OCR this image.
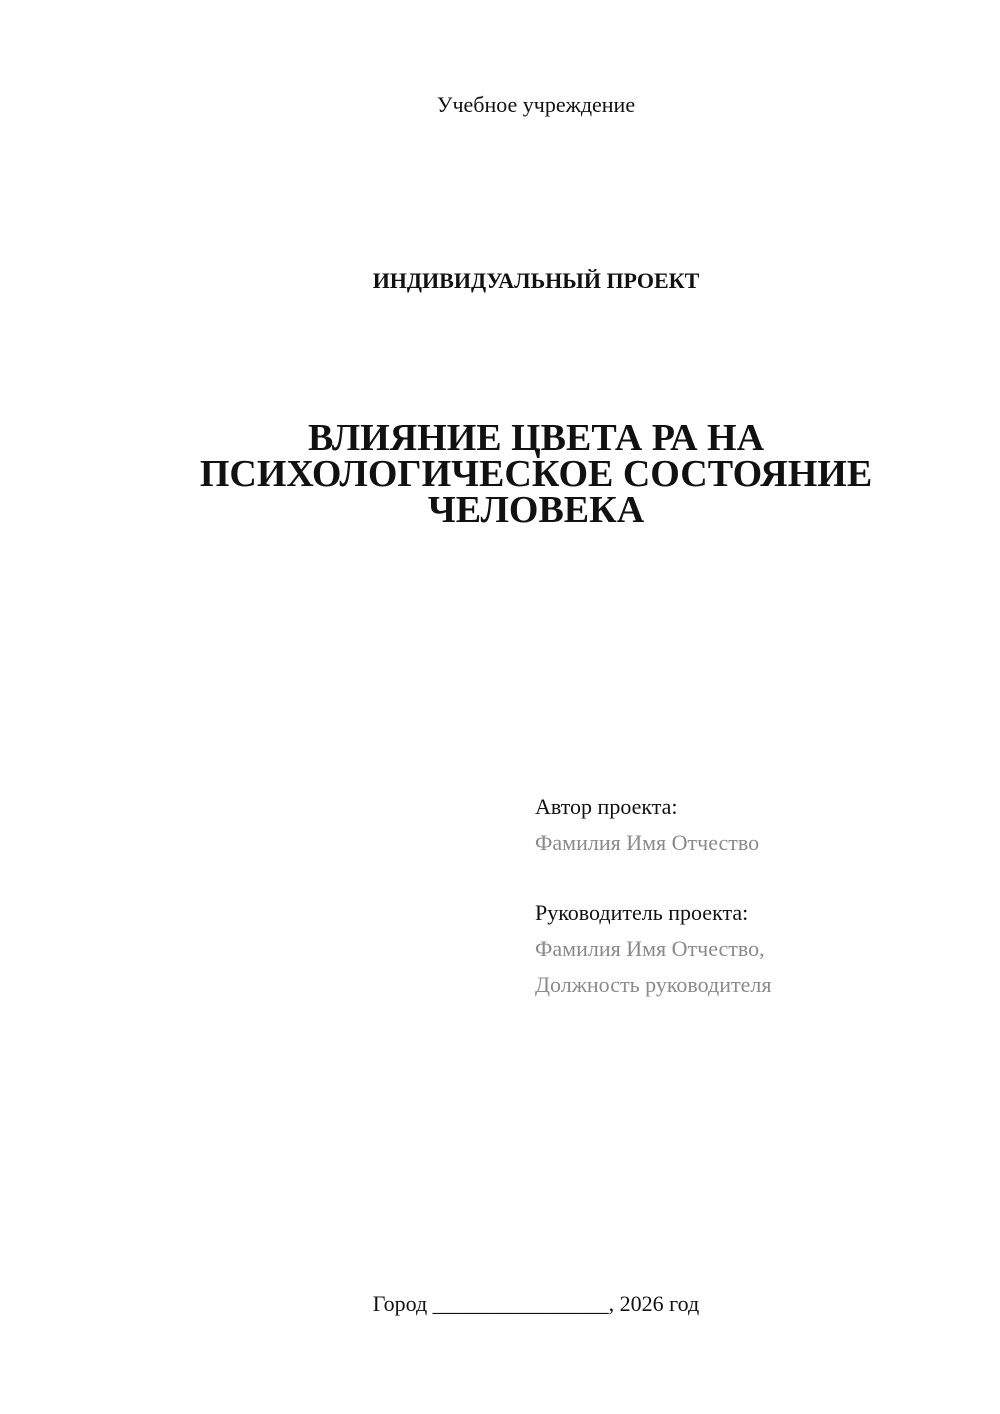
Учебное учреждение
ИНДИВИДУАЛЬНЫЙ ПРОЕКТ
ВЛИЯНИЕ ЦВЕТА РА НА
ПСИХОЛОГИЧЕСКОЕ СОСТОЯНИЕ
ЧЕЛОВЕКА
Автор проекта:
Фамилия Имя Отчество
Руководитель проекта:
Фамилия Имя Отчество,
Должность руководителя
Город ________________, 2026 год
